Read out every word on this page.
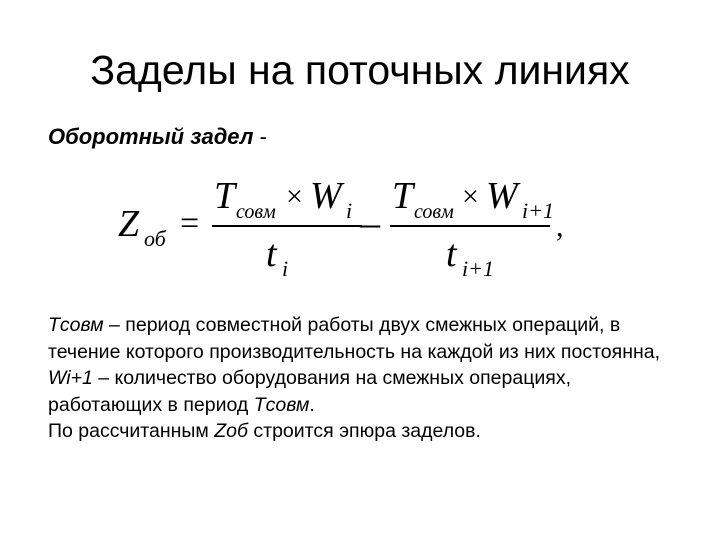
Заделы на поточных линиях
Оборотный задел -
Z об =
T совм × W i
t i
–
T совм × W i+1
t i+1
,

Tсовм – период совместной работы двух смежных операций, в течение которого производительность на каждой из них постоянна,

Wi+1 – количество оборудования на смежных операциях, работающих в период Tсовм.

По рассчитанным Zоб строится эпюра заделов.
